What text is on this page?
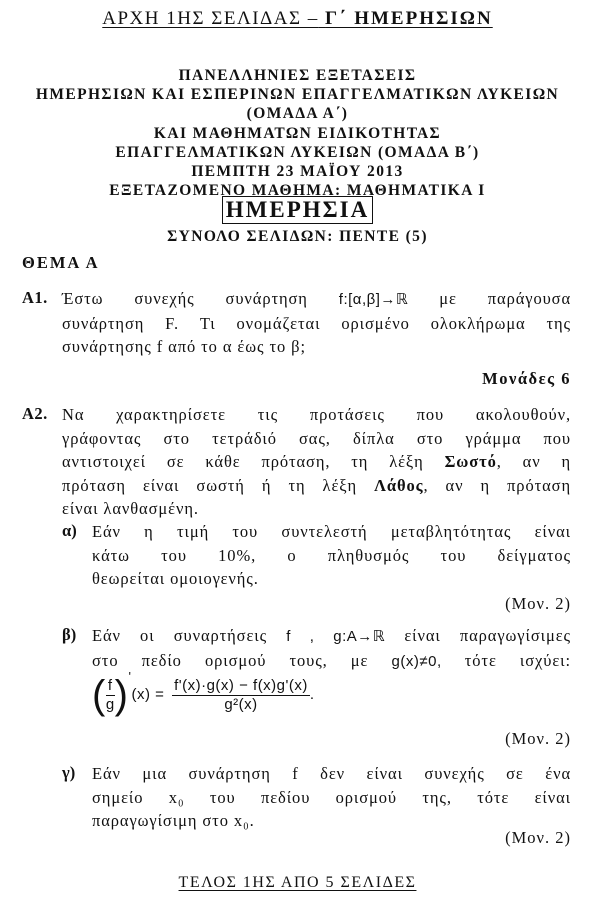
ΑΡΧΗ 1ΗΣ ΣΕΛΙΔΑΣ – Γ΄ ΗΜΕΡΗΣΙΩΝ
ΠΑΝΕΛΛΗΝΙΕΣ ΕΞΕΤΑΣΕΙΣ
ΗΜΕΡΗΣΙΩΝ ΚΑΙ ΕΣΠΕΡΙΝΩΝ ΕΠΑΓΓΕΛΜΑΤΙΚΩΝ ΛΥΚΕΙΩΝ
(ΟΜΑΔΑ Α΄)
ΚΑΙ ΜΑΘΗΜΑΤΩΝ ΕΙΔΙΚΟΤΗΤΑΣ
ΕΠΑΓΓΕΛΜΑΤΙΚΩΝ ΛΥΚΕΙΩΝ (ΟΜΑΔΑ Β΄)
ΠΕΜΠΤΗ 23 ΜΑΪΟΥ 2013
ΕΞΕΤΑΖΟΜΕΝΟ ΜΑΘΗΜΑ: ΜΑΘΗΜΑΤΙΚΑ Ι
ΗΜΕΡΗΣΙΑ
ΣΥΝΟΛΟ ΣΕΛΙΔΩΝ: ΠΕΝΤΕ (5)
ΘΕΜΑ Α
Α1. Έστω συνεχής συνάρτηση f:[α,β]→ℝ με παράγουσα
συνάρτηση F. Τι ονομάζεται ορισμένο ολοκλήρωμα της
συνάρτησης f από το α έως το β;
Μονάδες 6
Α2. Να χαρακτηρίσετε τις προτάσεις που ακολουθούν,
γράφοντας στο τετράδιό σας, δίπλα στο γράμμα που
αντιστοιχεί σε κάθε πρόταση, τη λέξη Σωστό, αν η
πρόταση είναι σωστή ή τη λέξη Λάθος, αν η πρόταση
είναι λανθασμένη.
α) Εάν η τιμή του συντελεστή μεταβλητότητας είναι
κάτω του 10%, ο πληθυσμός του δείγματος
θεωρείται ομοιογενής.
(Μον. 2)
β) Εάν οι συναρτήσεις f , g:A→ℝ είναι παραγωγίσιμες
στο πεδίο ορισμού τους, με g(x)≠0, τότε ισχύει:
( $\frac{f}{g} )'(x) = \frac{f'(x)\cdot g(x) - f(x)g'(x)}{\text{g²(x)}}$ .
(Μον. 2)
γ) Εάν μια συνάρτηση f δεν είναι συνεχής σε ένα
σημείο x₀ του πεδίου ορισμού της, τότε είναι
παραγωγίσιμη στο x₀.
(Μον. 2)
ΤΕΛΟΣ 1ΗΣ ΑΠΟ 5 ΣΕΛΙΔΕΣ
